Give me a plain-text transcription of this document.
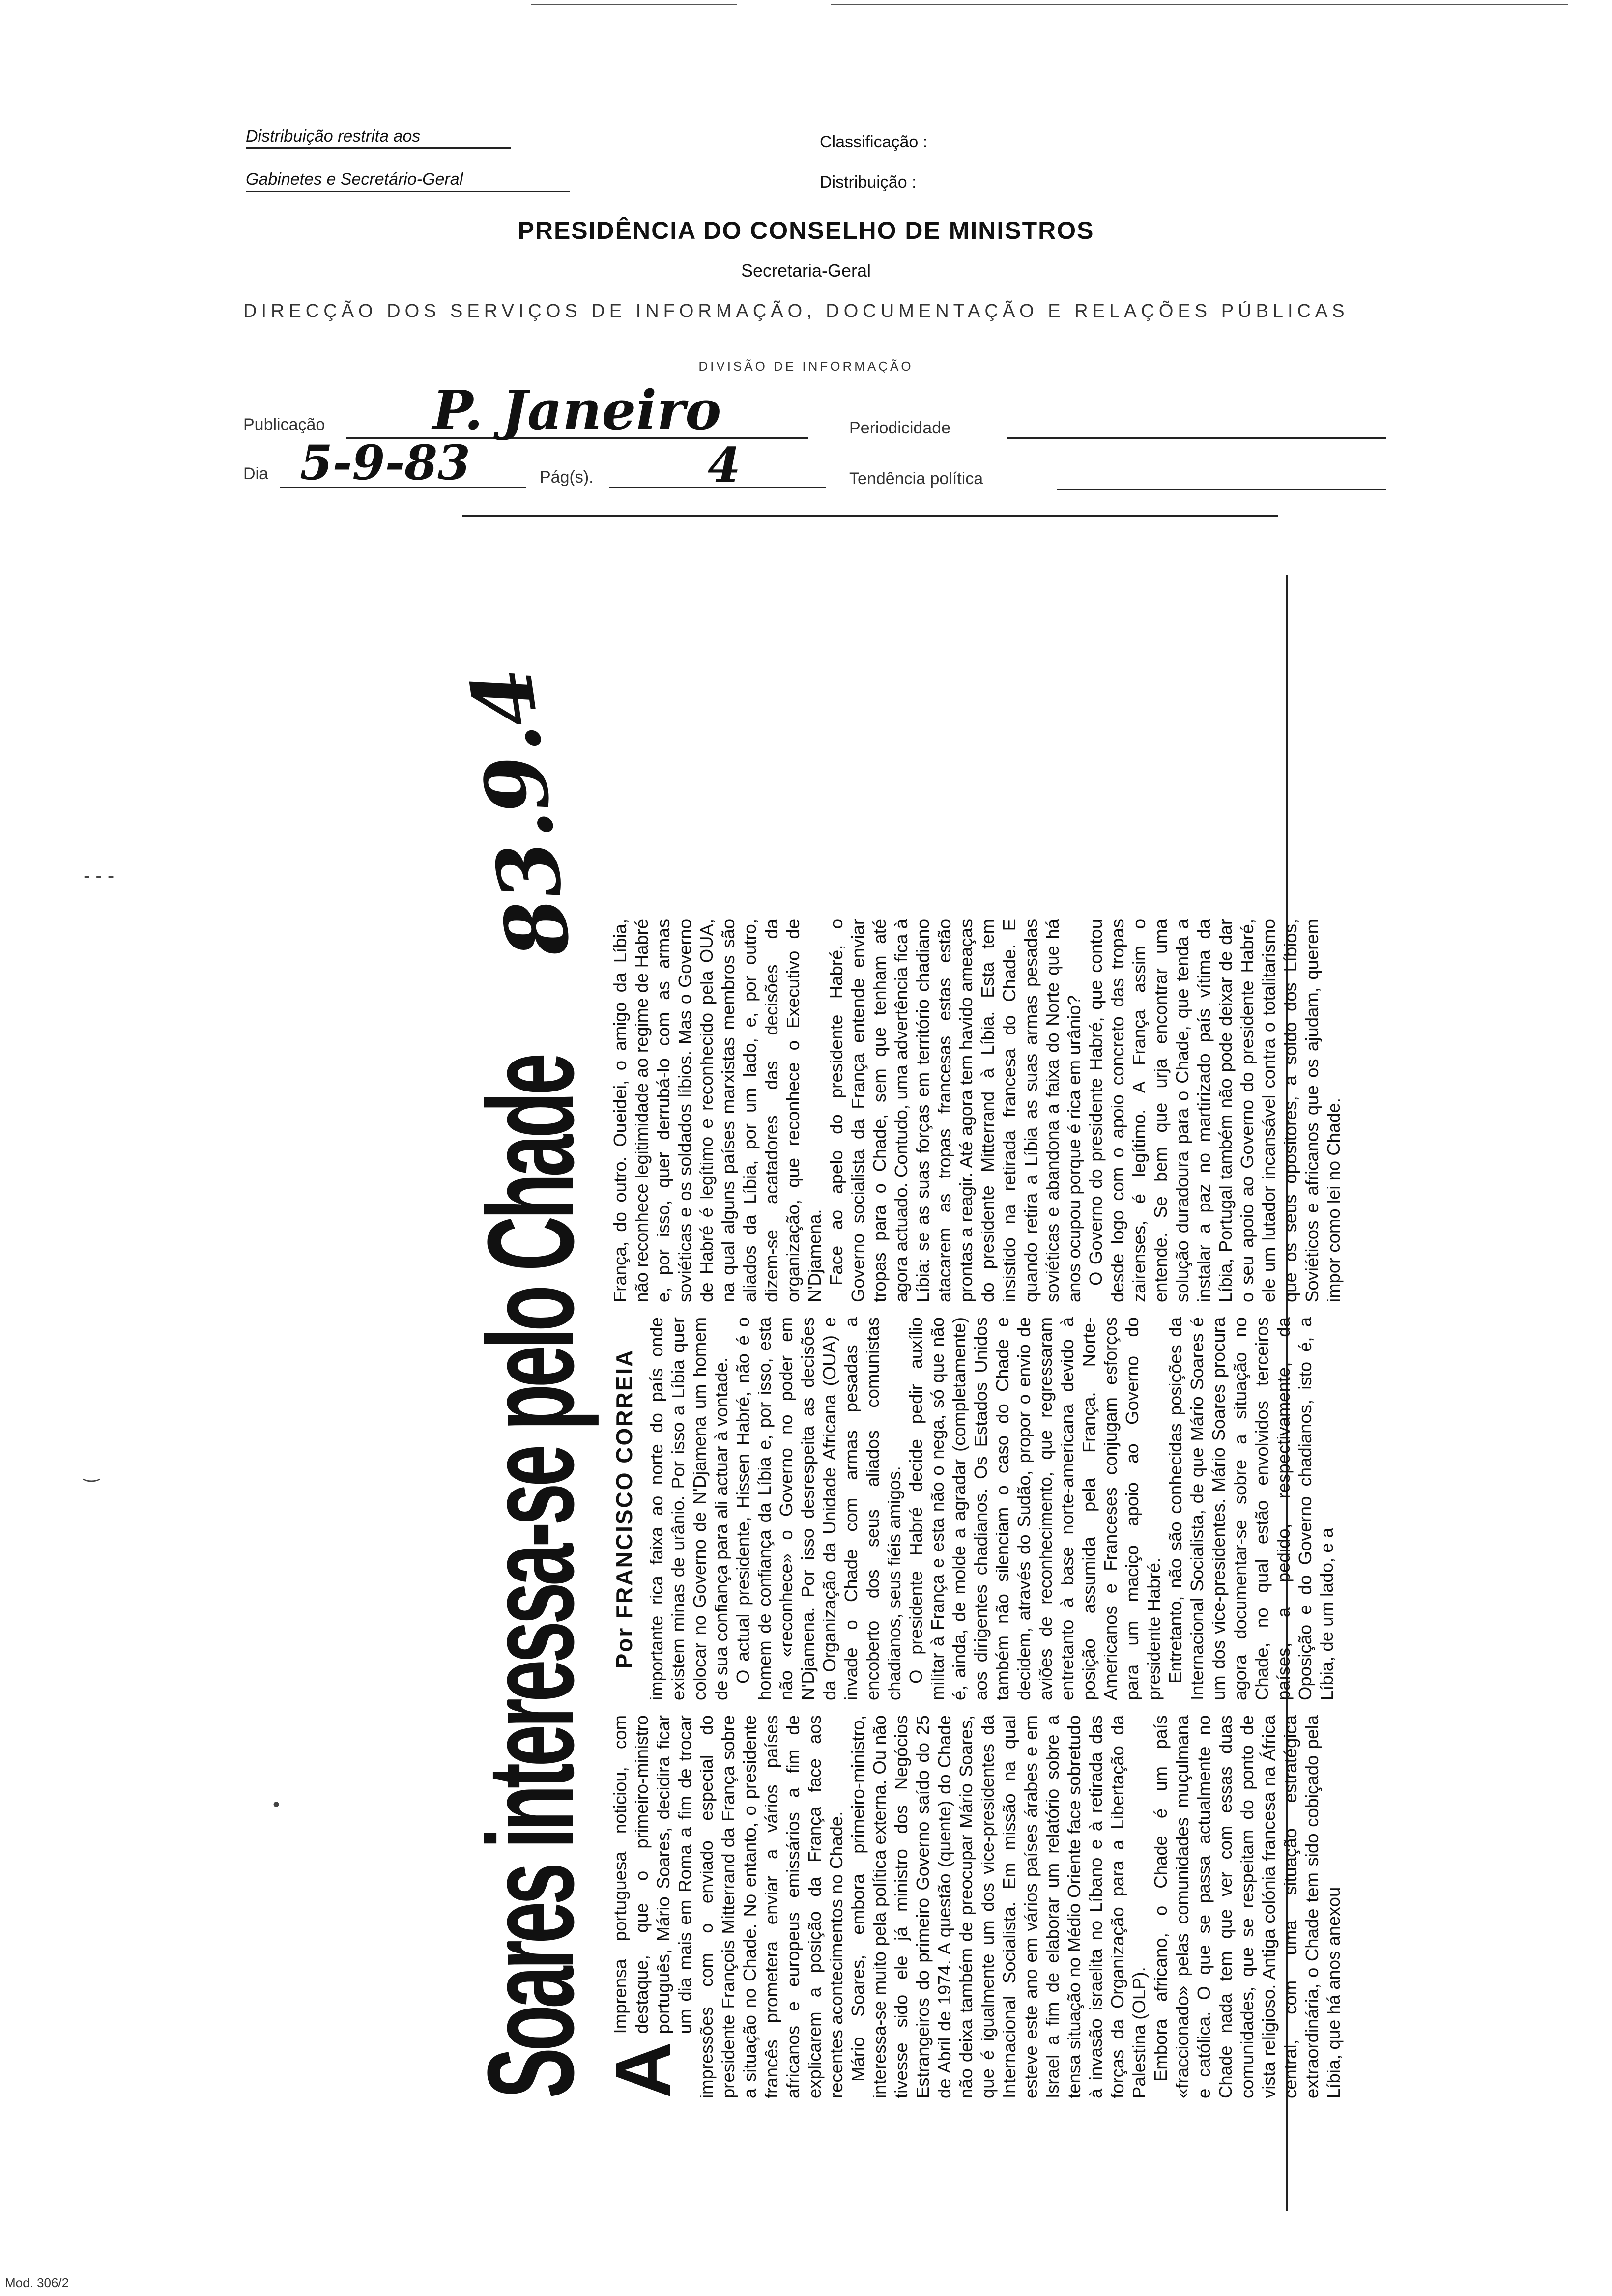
Distribuição restrita aos
Gabinetes e Secretário-Geral
Classificação :
Distribuição :
PRESIDÊNCIA DO CONSELHO DE MINISTROS
Secretaria-Geral
DIRECÇÃO DOS SERVIÇOS DE INFORMAÇÃO, DOCUMENTAÇÃO E RELAÇÕES PÚBLICAS
DIVISÃO DE INFORMAÇÃO
Publicação P. Janeiro	Periodicidade
Dia 5-9-83	Pág(s). 4	Tendência política
‿
•
- - -
Soares interessa-se pelo Chade
83.9.4

A
Imprensa portuguesa noticiou, com destaque, que o primeiro-ministro português, Mário Soares, decidira ficar um dia mais em Roma a fim de trocar impressões com o enviado especial do presidente François Mitterrand da França sobre a situação no Chade. No entanto, o presidente francês prometera enviar a vários países africanos e europeus emissários a fim de explicarem a posição da França face aos recentes acontecimentos no Chade. Mário Soares, embora primeiro-ministro, interessa-se muito pela política externa. Ou não tivesse sido ele já ministro dos Negócios Estrangeiros do primeiro Governo saído do 25 de Abril de 1974. A questão (quente) do Chade não deixa também de preocupar Mário Soares, que é igualmente um dos vice-presidentes da Internacional Socialista. Em missão na qual esteve este ano em vários países árabes e em Israel a fim de elaborar um relatório sobre a tensa situação no Médio Oriente face sobretudo à invasão israelita no Líbano e à retirada das forças da Organização para a Libertação da Palestina (OLP). Embora africano, o Chade é um país «fraccionado» pelas comunidades muçulmana e católica. O que se passa actualmente no Chade nada tem que ver com essas duas comunidades, que se respeitam do ponto de vista religioso. Antiga colónia francesa na África central, com uma situação estratégica extraordinária, o Chade tem sido cobiçado pela Líbia, que há anos anexou

Por FRANCISCO CORREIA importante rica faixa ao norte do país onde existem minas de urânio. Por isso a Líbia quer colocar no Governo de N'Djamena um homem de sua confiança para ali actuar à vontade. O actual presidente, Hissen Habré, não é o homem de confiança da Líbia e, por isso, esta não «reconhece» o Governo no poder em N'Djamena. Por isso desrespeita as decisões da Organização da Unidade Africana (OUA) e invade o Chade com armas pesadas a encoberto dos seus aliados comunistas chadianos, seus fiéis amigos. O presidente Habré decide pedir auxílio militar à França e esta não o nega, só que não é, ainda, de molde a agradar (completamente) aos dirigentes chadianos. Os Estados Unidos também não silenciam o caso do Chade e decidem, através do Sudão, propor o envio de aviões de reconhecimento, que regressaram entretanto à base norte-americana devido à posição assumida pela França. Norte-Americanos e Franceses conjugam esforços para um maciço apoio ao Governo do presidente Habré. Entretanto, não são conhecidas posições da Internacional Socialista, de que Mário Soares é um dos vice-presidentes. Mário Soares procura agora documentar-se sobre a situação no Chade, no qual estão envolvidos terceiros países, a pedido, respectivamente, da Oposição e do Governo chadianos, isto é, a Líbia, de um lado, e a

França, do outro. Oueidei, o amigo da Líbia, não reconhece legitimidade ao regime de Habré e, por isso, quer derrubá-lo com as armas soviéticas e os soldados líbios. Mas o Governo de Habré é legítimo e reconhecido pela OUA, na qual alguns países marxistas membros são aliados da Líbia, por um lado, e, por outro, dizem-se acatadores das decisões da organização, que reconhece o Executivo de N'Djamena. Face ao apelo do presidente Habré, o Governo socialista da França entende enviar tropas para o Chade, sem que tenham até agora actuado. Contudo, uma advertência fica à Líbia: se as suas forças em território chadiano atacarem as tropas francesas estas estão prontas a reagir. Até agora tem havido ameaças do presidente Mitterrand à Líbia. Esta tem insistido na retirada francesa do Chade. E quando retira a Líbia as suas armas pesadas soviéticas e abandona a faixa do Norte que há anos ocupou porque é rica em urânio? O Governo do presidente Habré, que contou desde logo com o apoio concreto das tropas zairenses, é legítimo. A França assim o entende. Se bem que urja encontrar uma solução duradoura para o Chade, que tenda a instalar a paz no martirizado país vítima da Líbia, Portugal também não pode deixar de dar o seu apoio ao Governo do presidente Habré, ele um lutador incansável contra o totalitarismo que os seus opositores, a soldo dos Líbios, Soviéticos e africanos que os ajudam, querem impor como lei no Chade.

Mod. 306/2
